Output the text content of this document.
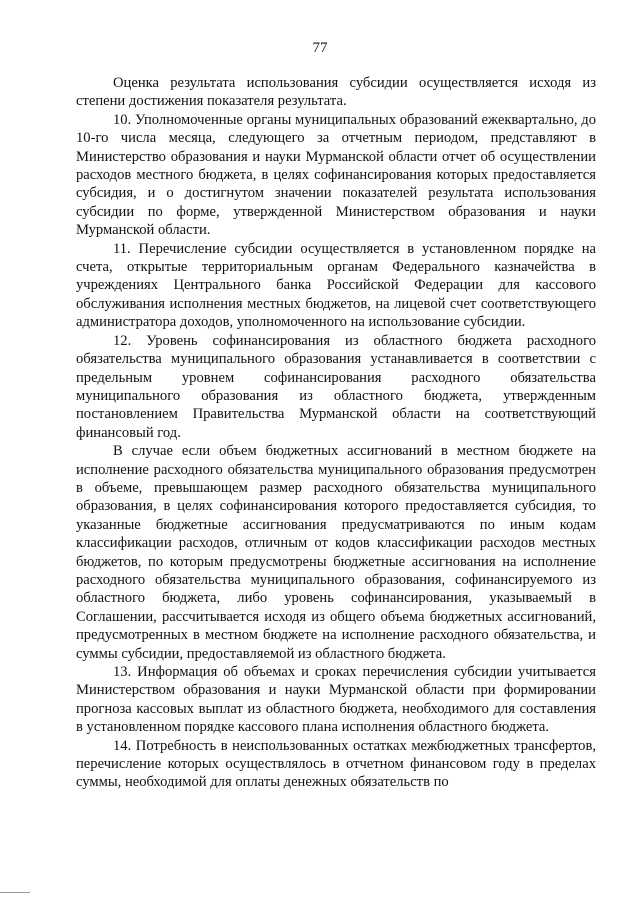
77

Оценка результата использования субсидии осуществляется исходя из степени достижения показателя результата.

10. Уполномоченные органы муниципальных образований ежеквартально, до 10-го числа месяца, следующего за отчетным периодом, представляют в Министерство образования и науки Мурманской области отчет об осуществлении расходов местного бюджета, в целях софинансирования которых предоставляется субсидия, и о достигнутом значении показателей результата использования субсидии по форме, утвержденной Министерством образования и науки Мурманской области.

11. Перечисление субсидии осуществляется в установленном порядке на счета, открытые территориальным органам Федерального казначейства в учреждениях Центрального банка Российской Федерации для кассового обслуживания исполнения местных бюджетов, на лицевой счет соответствующего администратора доходов, уполномоченного на использование субсидии.

12. Уровень софинансирования из областного бюджета расходного обязательства муниципального образования устанавливается в соответствии с предельным уровнем софинансирования расходного обязательства муниципального образования из областного бюджета, утвержденным постановлением Правительства Мурманской области на соответствующий финансовый год.

В случае если объем бюджетных ассигнований в местном бюджете на исполнение расходного обязательства муниципального образования предусмотрен в объеме, превышающем размер расходного обязательства муниципального образования, в целях софинансирования которого предоставляется субсидия, то указанные бюджетные ассигнования предусматриваются по иным кодам классификации расходов, отличным от кодов классификации расходов местных бюджетов, по которым предусмотрены бюджетные ассигнования на исполнение расходного обязательства муниципального образования, софинансируемого из областного бюджета, либо уровень софинансирования, указываемый в Соглашении, рассчитывается исходя из общего объема бюджетных ассигнований, предусмотренных в местном бюджете на исполнение расходного обязательства, и суммы субсидии, предоставляемой из областного бюджета.

13. Информация об объемах и сроках перечисления субсидии учитывается Министерством образования и науки Мурманской области при формировании прогноза кассовых выплат из областного бюджета, необходимого для составления в установленном порядке кассового плана исполнения областного бюджета.

14. Потребность в неиспользованных остатках межбюджетных трансфертов, перечисление которых осуществлялось в отчетном финансовом году в пределах суммы, необходимой для оплаты денежных обязательств по
